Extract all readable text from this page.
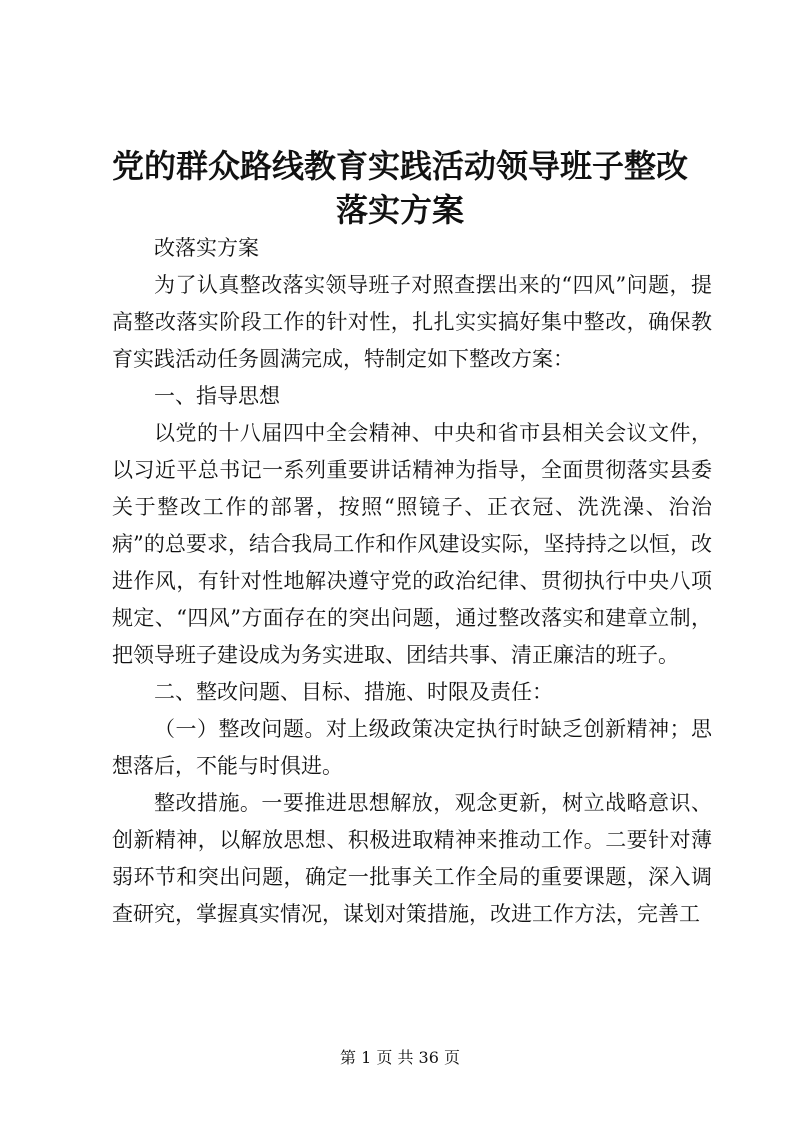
党的群众路线教育实践活动领导班子整改落实方案

改落实方案

为了认真整改落实领导班子对照查摆出来的“四风”问题，提高整改落实阶段工作的针对性，扎扎实实搞好集中整改，确保教育实践活动任务圆满完成，特制定如下整改方案：

一、指导思想

以党的十八届四中全会精神、中央和省市县相关会议文件，以习近平总书记一系列重要讲话精神为指导，全面贯彻落实县委关于整改工作的部署，按照“照镜子、正衣冠、洗洗澡、治治病”的总要求，结合我局工作和作风建设实际，坚持持之以恒，改进作风，有针对性地解决遵守党的政治纪律、贯彻执行中央八项规定、“四风”方面存在的突出问题，通过整改落实和建章立制，把领导班子建设成为务实进取、团结共事、清正廉洁的班子。

二、整改问题、目标、措施、时限及责任：

（一）整改问题。对上级政策决定执行时缺乏创新精神；思想落后，不能与时俱进。

整改措施。一要推进思想解放，观念更新，树立战略意识、创新精神，以解放思想、积极进取精神来推动工作。二要针对薄弱环节和突出问题，确定一批事关工作全局的重要课题，深入调查研究，掌握真实情况，谋划对策措施，改进工作方法，完善工

第 1 页 共 36 页
